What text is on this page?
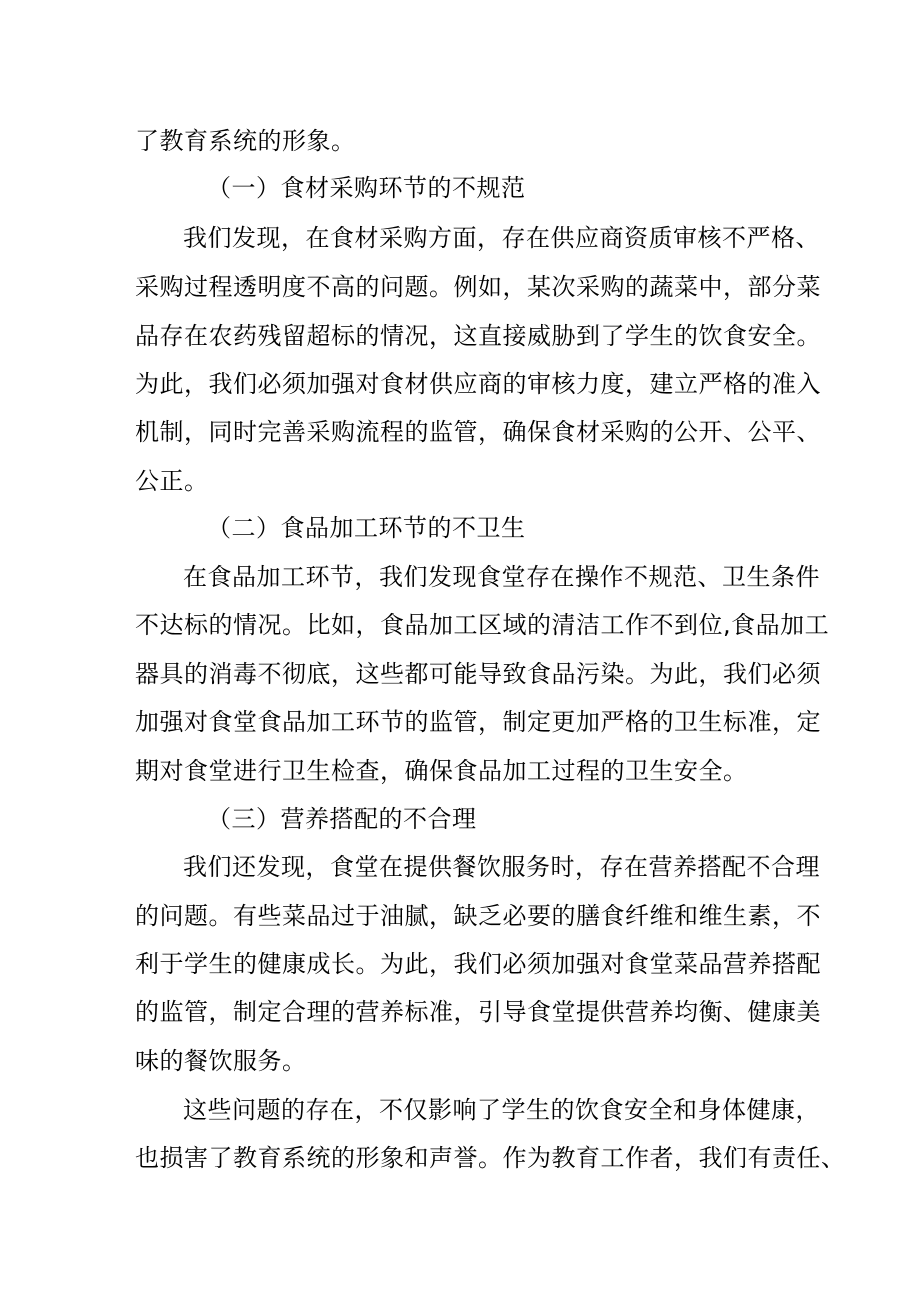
了教育系统的形象。
（一）食材采购环节的不规范
我们发现，在食材采购方面，存在供应商资质审核不严格、
采购过程透明度不高的问题。例如，某次采购的蔬菜中，部分菜
品存在农药残留超标的情况，这直接威胁到了学生的饮食安全。
为此，我们必须加强对食材供应商的审核力度，建立严格的准入
机制，同时完善采购流程的监管，确保食材采购的公开、公平、
公正。
（二）食品加工环节的不卫生
在食品加工环节，我们发现食堂存在操作不规范、卫生条件
不达标的情况。比如，食品加工区域的清洁工作不到位,食品加工
器具的消毒不彻底，这些都可能导致食品污染。为此，我们必须
加强对食堂食品加工环节的监管，制定更加严格的卫生标准，定
期对食堂进行卫生检查，确保食品加工过程的卫生安全。
（三）营养搭配的不合理
我们还发现，食堂在提供餐饮服务时，存在营养搭配不合理
的问题。有些菜品过于油腻，缺乏必要的膳食纤维和维生素，不
利于学生的健康成长。为此，我们必须加强对食堂菜品营养搭配
的监管，制定合理的营养标准，引导食堂提供营养均衡、健康美
味的餐饮服务。
这些问题的存在，不仅影响了学生的饮食安全和身体健康，
也损害了教育系统的形象和声誉。作为教育工作者，我们有责任、
